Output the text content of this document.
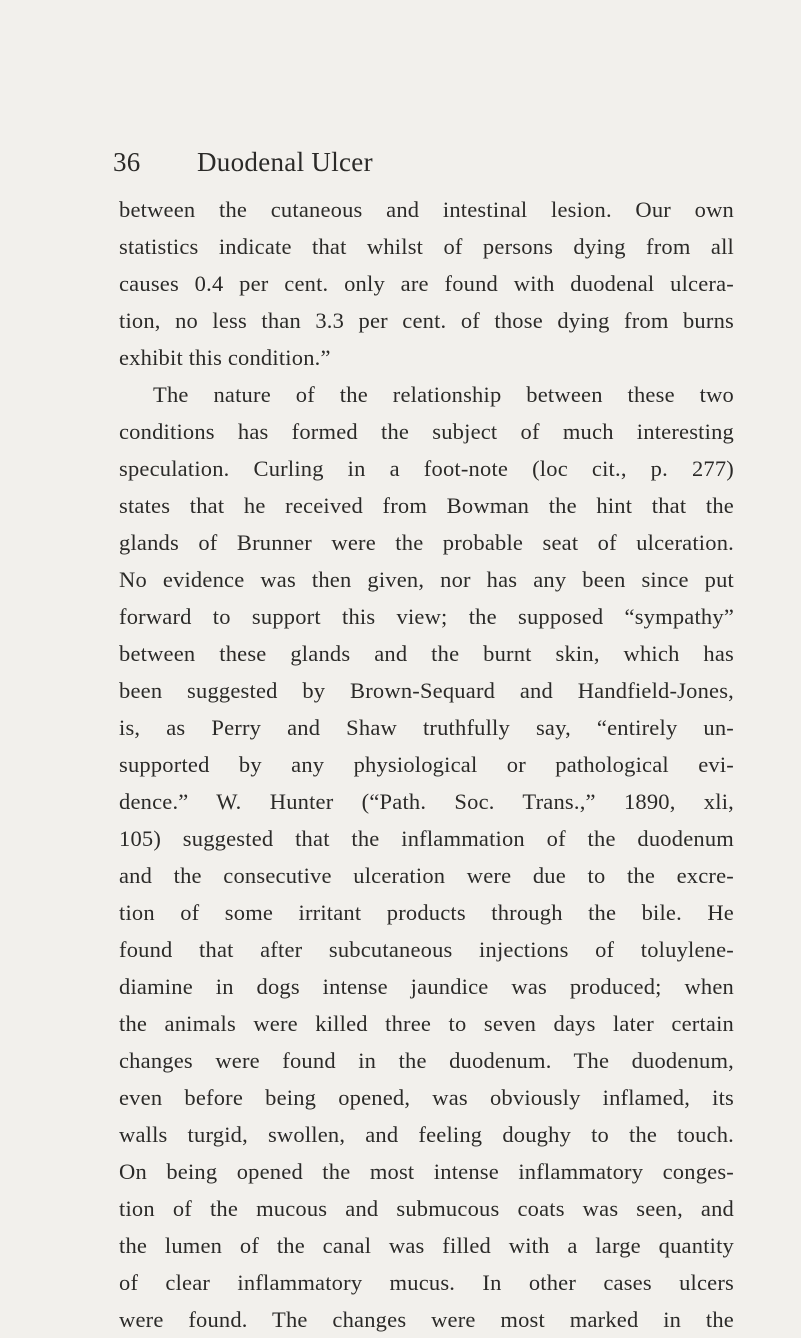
36 Duodenal Ulcer
between the cutaneous and intestinal lesion. Our own
statistics indicate that whilst of persons dying from all
causes 0.4 per cent. only are found with duodenal ulcera-
tion, no less than 3.3 per cent. of those dying from burns
exhibit this condition.”
The nature of the relationship between these two
conditions has formed the subject of much interesting
speculation. Curling in a foot-note (loc cit., p. 277)
states that he received from Bowman the hint that the
glands of Brunner were the probable seat of ulceration.
No evidence was then given, nor has any been since put
forward to support this view; the supposed “sympathy”
between these glands and the burnt skin, which has
been suggested by Brown-Sequard and Handfield-Jones,
is, as Perry and Shaw truthfully say, “entirely un-
supported by any physiological or pathological evi-
dence.” W. Hunter (“Path. Soc. Trans.,” 1890, xli,
105) suggested that the inflammation of the duodenum
and the consecutive ulceration were due to the excre-
tion of some irritant products through the bile. He
found that after subcutaneous injections of toluylene-
diamine in dogs intense jaundice was produced; when
the animals were killed three to seven days later certain
changes were found in the duodenum. The duodenum,
even before being opened, was obviously inflamed, its
walls turgid, swollen, and feeling doughy to the touch.
On being opened the most intense inflammatory conges-
tion of the mucous and submucous coats was seen, and
the lumen of the canal was filled with a large quantity
of clear inflammatory mucus. In other cases ulcers
were found. The changes were most marked in the
